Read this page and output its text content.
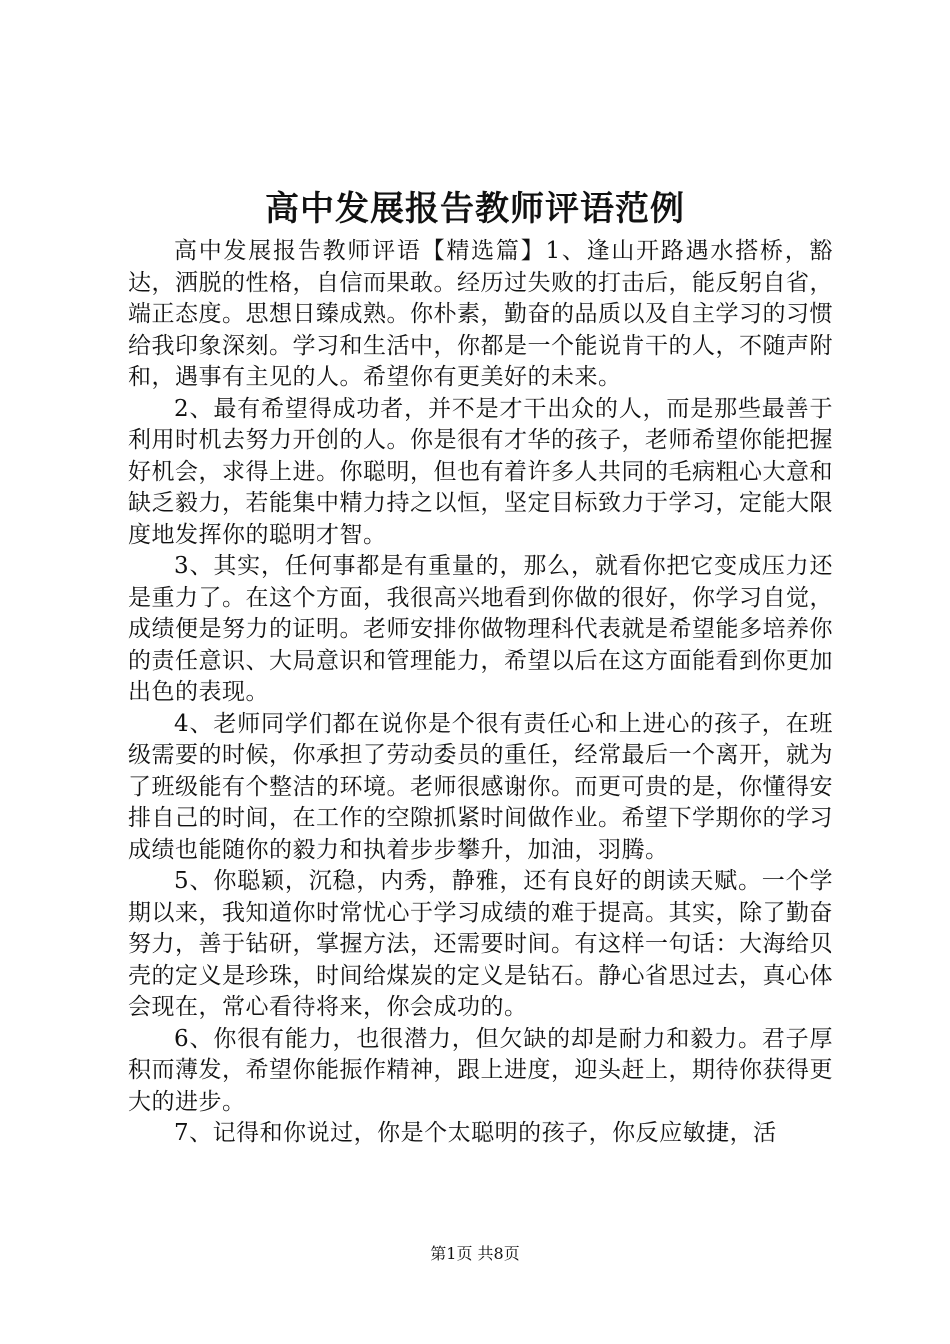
高中发展报告教师评语范例

高中发展报告教师评语【精选篇】1、逢山开路遇水搭桥，豁达，洒脱的性格，自信而果敢。经历过失败的打击后，能反躬自省，端正态度。思想日臻成熟。你朴素，勤奋的品质以及自主学习的习惯给我印象深刻。学习和生活中，你都是一个能说肯干的人，不随声附和，遇事有主见的人。希望你有更美好的未来。

2、最有希望得成功者，并不是才干出众的人，而是那些最善于利用时机去努力开创的人。你是很有才华的孩子，老师希望你能把握好机会，求得上进。你聪明，但也有着许多人共同的毛病粗心大意和缺乏毅力，若能集中精力持之以恒，坚定目标致力于学习，定能大限度地发挥你的聪明才智。

3、其实，任何事都是有重量的，那么，就看你把它变成压力还是重力了。在这个方面，我很高兴地看到你做的很好，你学习自觉，成绩便是努力的证明。老师安排你做物理科代表就是希望能多培养你的责任意识、大局意识和管理能力，希望以后在这方面能看到你更加出色的表现。

4、老师同学们都在说你是个很有责任心和上进心的孩子，在班级需要的时候，你承担了劳动委员的重任，经常最后一个离开，就为了班级能有个整洁的环境。老师很感谢你。而更可贵的是，你懂得安排自己的时间，在工作的空隙抓紧时间做作业。希望下学期你的学习成绩也能随你的毅力和执着步步攀升，加油，羽腾。

5、你聪颖，沉稳，内秀，静雅，还有良好的朗读天赋。一个学期以来，我知道你时常忧心于学习成绩的难于提高。其实，除了勤奋努力，善于钻研，掌握方法，还需要时间。有这样一句话：大海给贝壳的定义是珍珠，时间给煤炭的定义是钻石。静心省思过去，真心体会现在，常心看待将来，你会成功的。

6、你很有能力，也很潜力，但欠缺的却是耐力和毅力。君子厚积而薄发，希望你能振作精神，跟上进度，迎头赶上，期待你获得更大的进步。

7、记得和你说过，你是个太聪明的孩子，你反应敏捷，活

第1页 共8页
